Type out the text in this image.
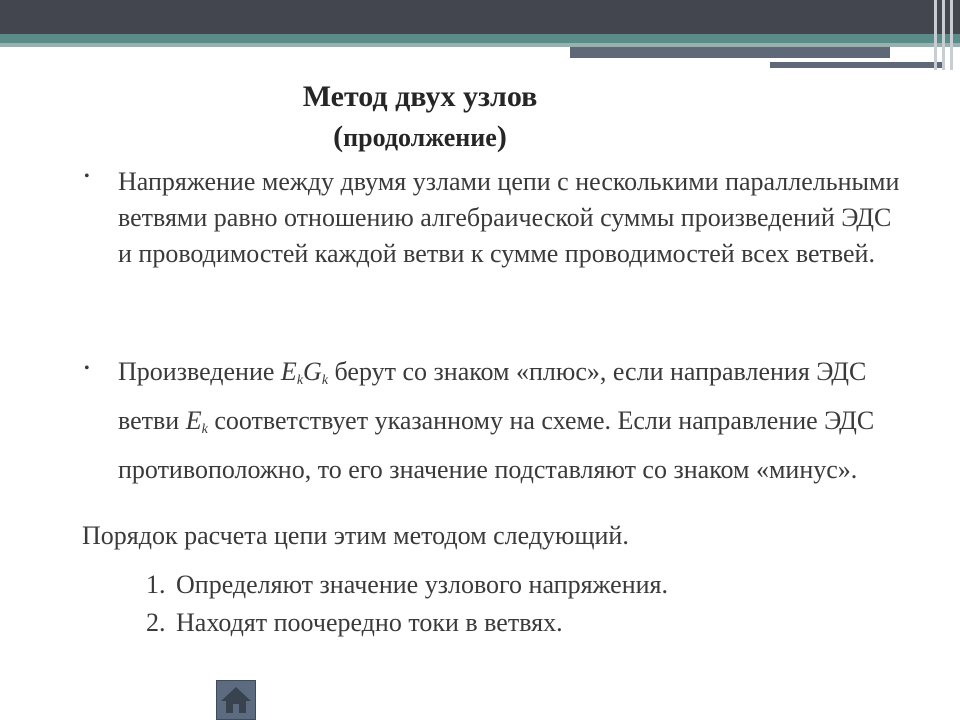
Метод двух узлов
(продолжение)
• Напряжение между двумя узлами цепи с несколькими параллельными ветвями равно отношению алгебраической суммы произведений ЭДС и проводимостей каждой ветви к сумме проводимостей всех ветвей.

• Произведение $E_kG_k$ берут со знаком «плюс», если направления ЭДС ветви $E_k$ соответствует указанному на схеме. Если направление ЭДС противоположно, то его значение подставляют со знаком «минус».

Порядок расчета цепи этим методом следующий.

1. Определяют значение узлового напряжения.
2. Находят поочередно токи в ветвях.
